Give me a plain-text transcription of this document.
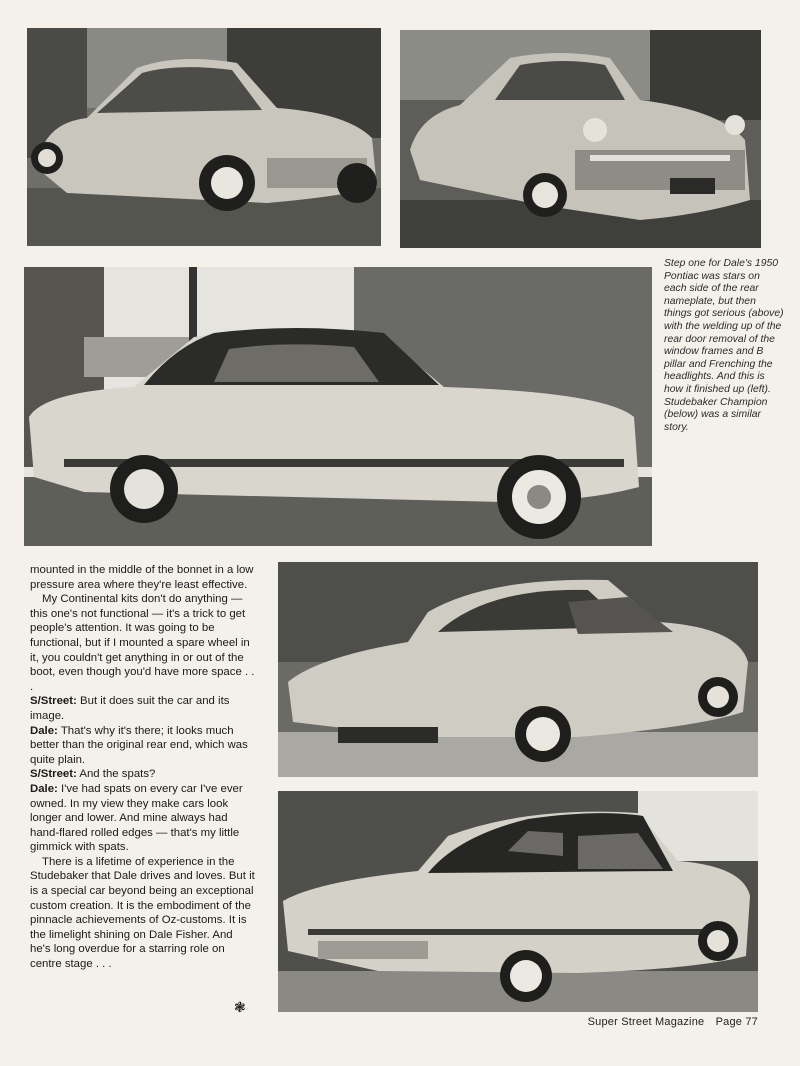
Step one for Dale's 1950 Pontiac was stars on each side of the rear nameplate, but then things got serious (above) with the welding up of the rear door removal of the window frames and B pillar and Frenching the headlights. And this is how it finished up (left). Studebaker Champion (below) was a similar story.

mounted in the middle of the bonnet in a low pressure area where they're least effective.

My Continental kits don't do anything — this one's not functional — it's a trick to get people's attention. It was going to be functional, but if I mounted a spare wheel in it, you couldn't get anything in or out of the boot, even though you'd have more space . . .

S/Street: But it does suit the car and its image.

Dale: That's why it's there; it looks much better than the original rear end, which was quite plain.

S/Street: And the spats?

Dale: I've had spats on every car I've ever owned. In my view they make cars look longer and lower. And mine always had hand-flared rolled edges — that's my little gimmick with spats.

There is a lifetime of experience in the Studebaker that Dale drives and loves. But it is a special car beyond being an exceptional custom creation. It is the embodiment of the pinnacle achievements of Oz-customs. It is the limelight shining on Dale Fisher. And he's long overdue for a starring role on centre stage . . .

❃
Super Street Magazine Page 77
